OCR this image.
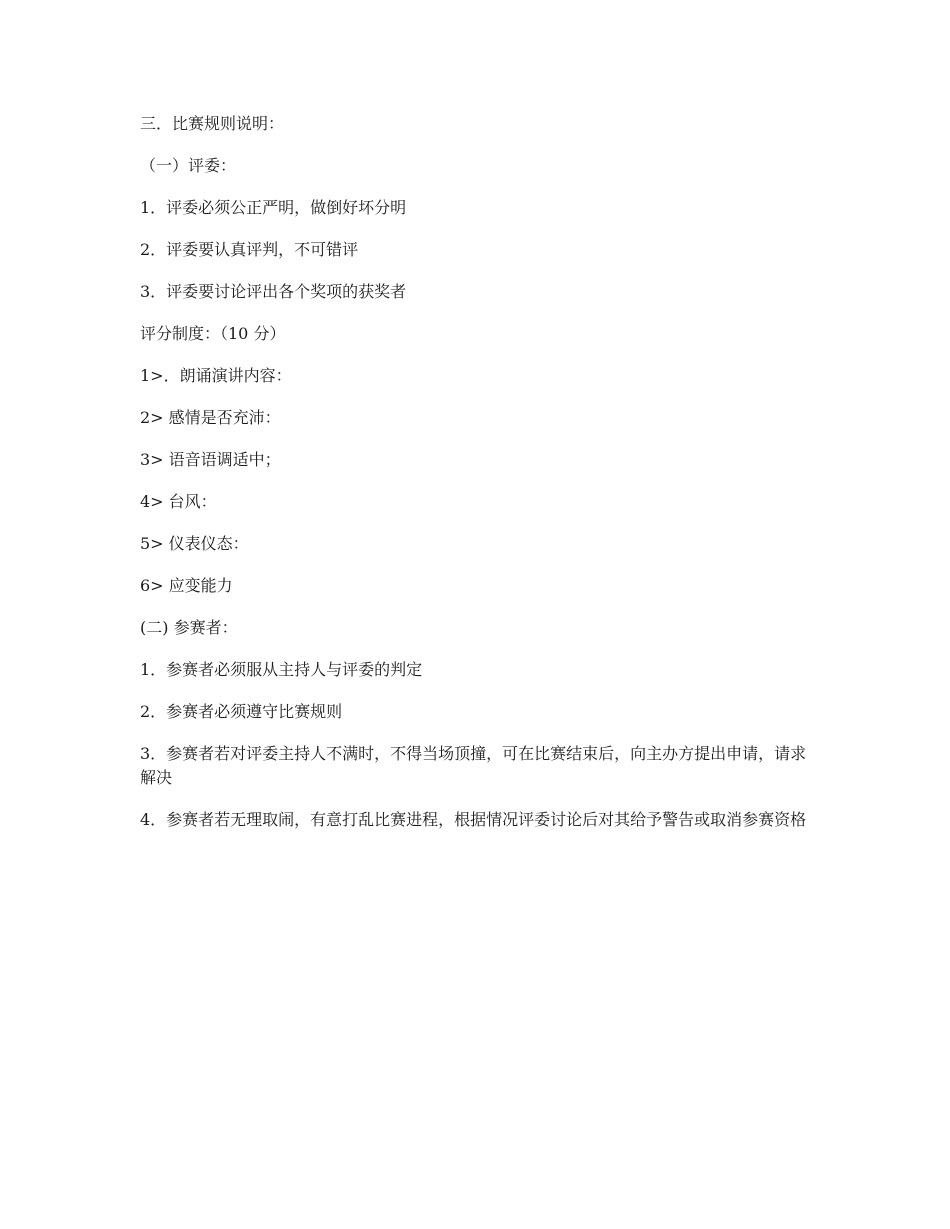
三．比赛规则说明：

（一）评委：

1．评委必须公正严明，做倒好坏分明

2．评委要认真评判，不可错评

3．评委要讨论评出各个奖项的获奖者

评分制度：（10 分）

1>．朗诵演讲内容：

2> 感情是否充沛：

3> 语音语调适中；

4> 台风：

5> 仪表仪态：

6> 应变能力

(二) 参赛者：

1．参赛者必须服从主持人与评委的判定

2．参赛者必须遵守比赛规则

3．参赛者若对评委主持人不满时，不得当场顶撞，可在比赛结束后，向主办方提出申请，请求解决

4．参赛者若无理取闹，有意打乱比赛进程，根据情况评委讨论后对其给予警告或取消参赛资格
